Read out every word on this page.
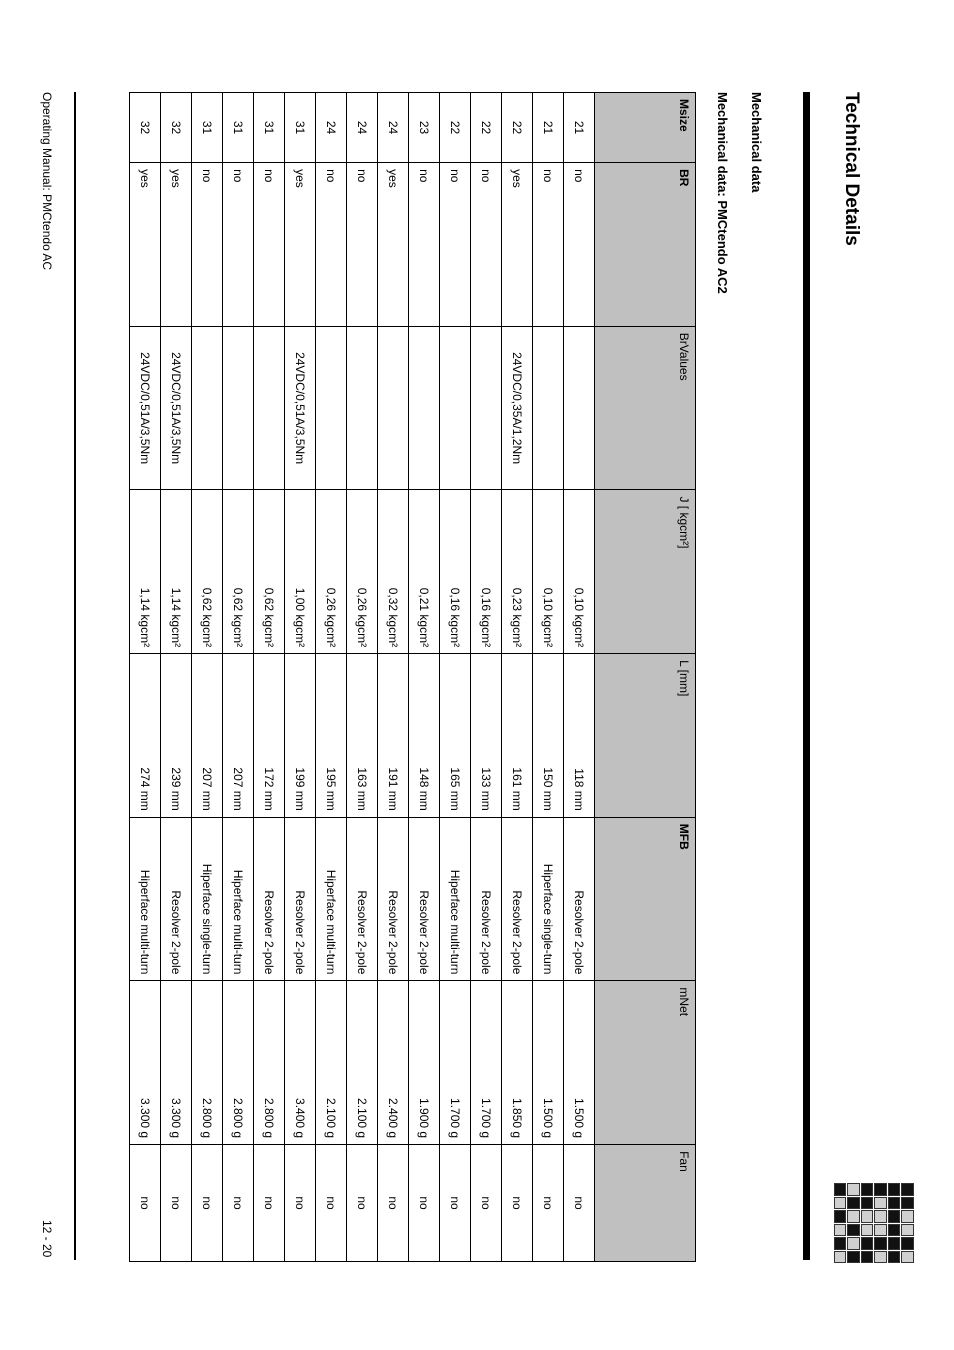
Technical Details
Mechanical data
Mechanical data: PMCtendo AC2
Msize	BR	BrValues	J [ kgcm²]	L [mm]	MFB	mNet	Fan
21	no		0,10 kgcm²	118 mm	Resolver 2-pole	1.500 g	no
21	no		0,10 kgcm²	150 mm	Hiperface single-turn	1.500 g	no
22	yes	24VDC/0,35A/1,2Nm	0,23 kgcm²	161 mm	Resolver 2-pole	1.850 g	no
22	no		0,16 kgcm²	133 mm	Resolver 2-pole	1.700 g	no
22	no		0,16 kgcm²	165 mm	Hiperface multi-turn	1.700 g	no
23	no		0,21 kgcm²	148 mm	Resolver 2-pole	1.900 g	no
24	yes		0,32 kgcm²	191 mm	Resolver 2-pole	2.400 g	no
24	no		0,26 kgcm²	163 mm	Resolver 2-pole	2.100 g	no
24	no		0,26 kgcm²	195 mm	Hiperface multi-turn	2.100 g	no
31	yes	24VDC/0,51A/3,5Nm	1,00 kgcm²	199 mm	Resolver 2-pole	3.400 g	no
31	no		0,62 kgcm²	172 mm	Resolver 2-pole	2.800 g	no
31	no		0,62 kgcm²	207 mm	Hiperface multi-turn	2.800 g	no
31	no		0,62 kgcm²	207 mm	Hiperface single-turn	2.800 g	no
32	yes	24VDC/0,51A/3,5Nm	1,14 kgcm²	239 mm	Resolver 2-pole	3.300 g	no
32	yes	24VDC/0,51A/3,5Nm	1,14 kgcm²	274 mm	Hiperface multi-turn	3.300 g	no
Operating Manual: PMCtendo AC
12 - 20
